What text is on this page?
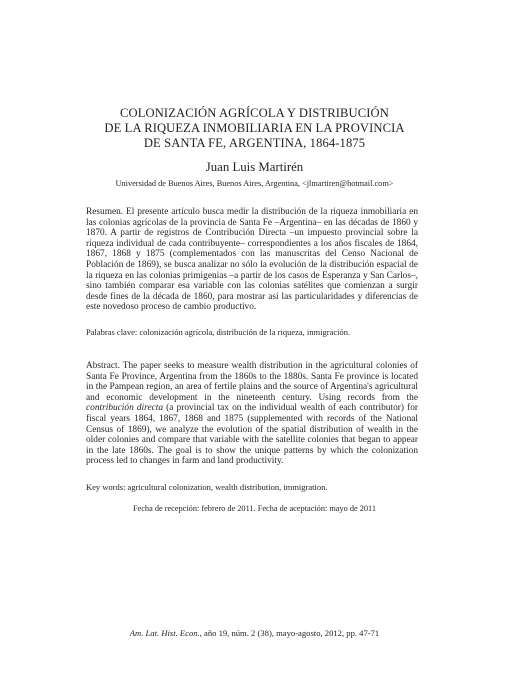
COLONIZACIÓN AGRÍCOLA Y DISTRIBUCIÓN
DE LA RIQUEZA INMOBILIARIA EN LA PROVINCIA
DE SANTA FE, ARGENTINA, 1864-1875
Juan Luis Martirén
Universidad de Buenos Aires, Buenos Aires, Argentina, <jlmartiren@hotmail.com>
Resumen. El presente artículo busca medir la distribución de la riqueza inmobiliaria en las colonias agrícolas de la provincia de Santa Fe –Argentina– en las décadas de 1860 y 1870. A partir de registros de Contribución Directa –un impuesto provincial sobre la riqueza individual de cada contribuyente– correspondientes a los años fiscales de 1864, 1867, 1868 y 1875 (complementados con las manuscritas del Censo Nacional de Población de 1869), se busca analizar no sólo la evolución de la distribución espacial de la riqueza en las colonias primigenias –a partir de los casos de Esperanza y San Carlos–, sino también comparar esa variable con las colonias satélites que comienzan a surgir desde fines de la década de 1860, para mostrar así las particularidades y diferencias de este novedoso proceso de cambio productivo.
Palabras clave: colonización agrícola, distribución de la riqueza, inmigración.
Abstract. The paper seeks to measure wealth distribution in the agricultural colonies of Santa Fe Province, Argentina from the 1860s to the 1880s. Santa Fe province is located in the Pampean region, an area of fertile plains and the source of Argentina's agricultural and economic development in the nineteenth century. Using records from the contribución directa (a provincial tax on the individual wealth of each contributor) for fiscal years 1864, 1867, 1868 and 1875 (supplemented with records of the National Census of 1869), we analyze the evolution of the spatial distribution of wealth in the older colonies and compare that variable with the satellite colonies that began to appear in the late 1860s. The goal is to show the unique patterns by which the colonization process led to changes in farm and land productivity.
Key words: agricultural colonization, wealth distribution, immigration.
Fecha de recepción: febrero de 2011. Fecha de aceptación: mayo de 2011
Am. Lat. Hist. Econ., año 19, núm. 2 (38), mayo-agosto, 2012, pp. 47-71
